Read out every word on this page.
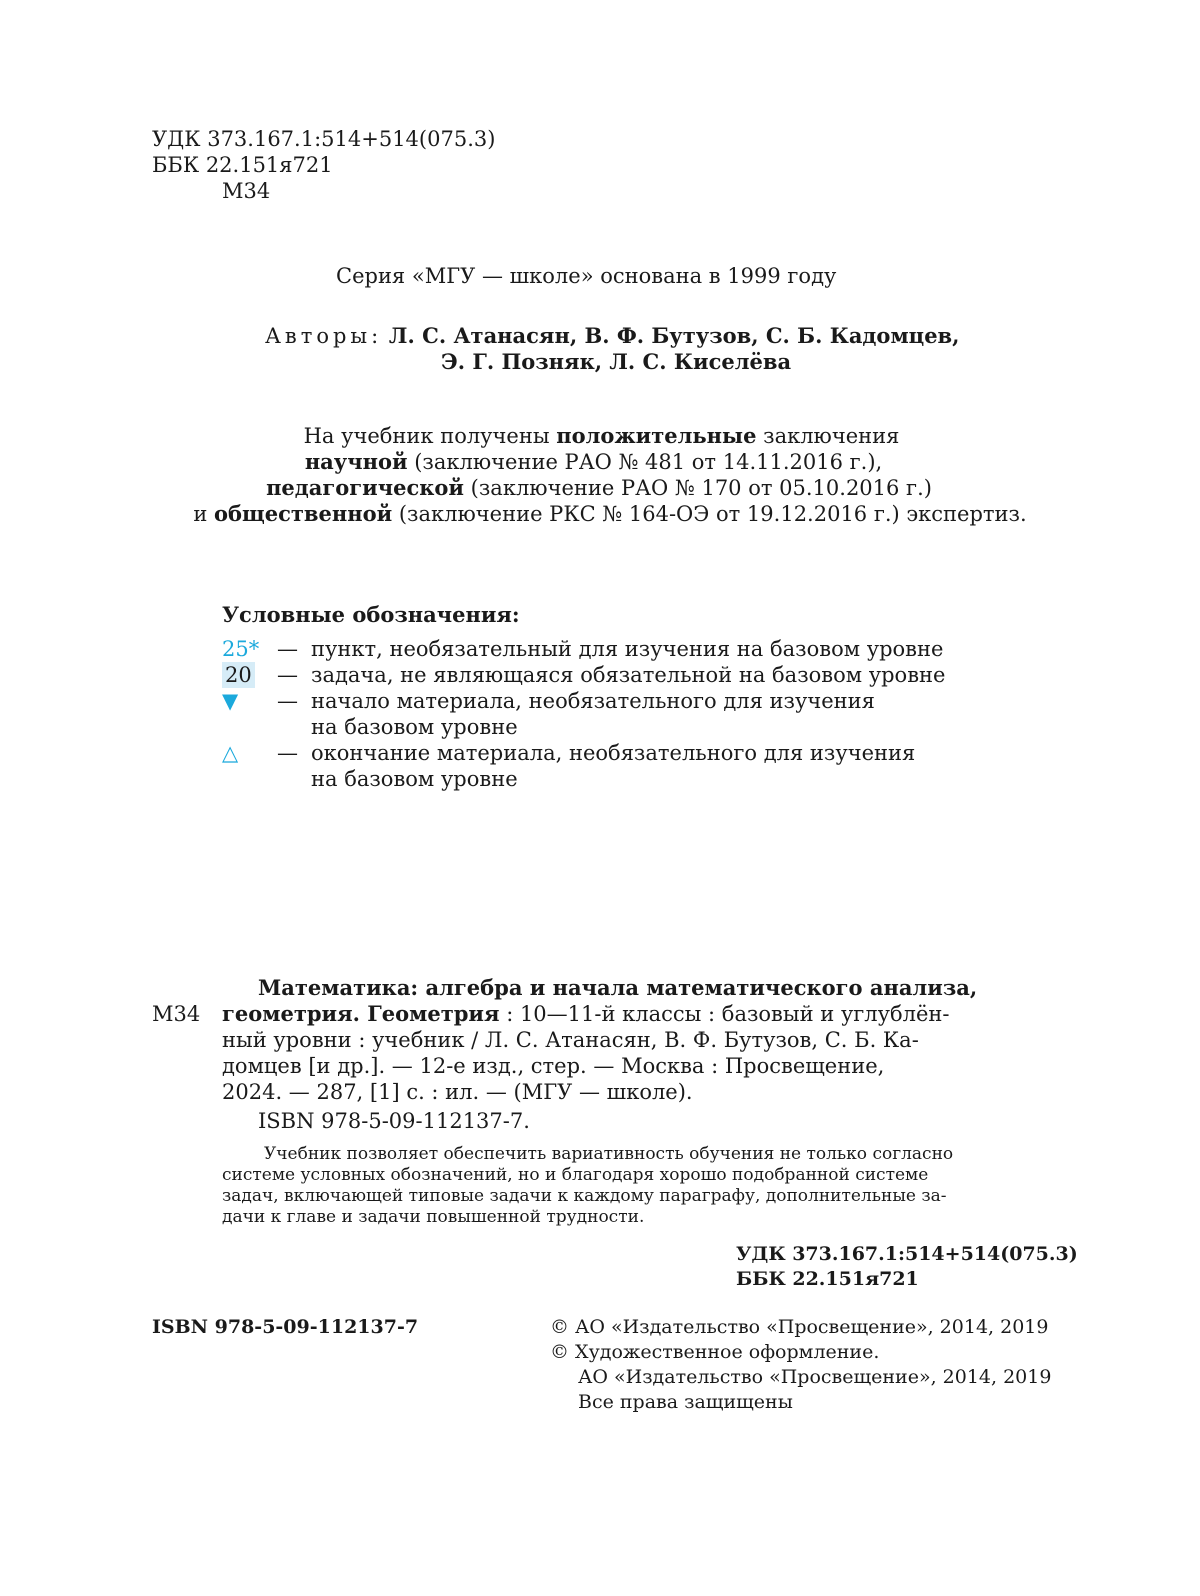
УДК 373.167.1:514+514(075.3)
ББК 22.151я721
М34
Серия «МГУ — школе» основана в 1999 году
Авторы: Л. С. Атанасян, В. Ф. Бутузов, С. Б. Кадомцев,
Э. Г. Позняк, Л. С. Киселёва
На учебник получены положительные заключения
научной (заключение РАО № 481 от 14.11.2016 г.),
педагогической (заключение РАО № 170 от 05.10.2016 г.)
и общественной (заключение РКС № 164-ОЭ от 19.12.2016 г.) экспертиз.
Условные обозначения:
25* — пункт, необязательный для изучения на базовом уровне
20	— задача, не являющаяся обязательной на базовом уровне
▼	— начало материала, необязательного для изучения
на базовом уровне
△	— окончание материала, необязательного для изучения
на базовом уровне
М34
Математика: алгебра и начала математического анализа,
геометрия. Геометрия : 10—11-й классы : базовый и углублён-
ный уровни : учебник / Л. С. Атанасян, В. Ф. Бутузов, С. Б. Ка-
домцев [и др.]. — 12-е изд., стер. — Москва : Просвещение,
2024. — 287, [1] с. : ил. — (МГУ — школе).
ISBN 978-5-09-112137-7.
Учебник позволяет обеспечить вариативность обучения не только согласно
системе условных обозначений, но и благодаря хорошо подобранной системе
задач, включающей типовые задачи к каждому параграфу, дополнительные за-
дачи к главе и задачи повышенной трудности.
УДК 373.167.1:514+514(075.3)
ББК 22.151я721
ISBN 978-5-09-112137-7	© АО «Издательство «Просвещение», 2014, 2019
© Художественное оформление.
АО «Издательство «Просвещение», 2014, 2019
Все права защищены
